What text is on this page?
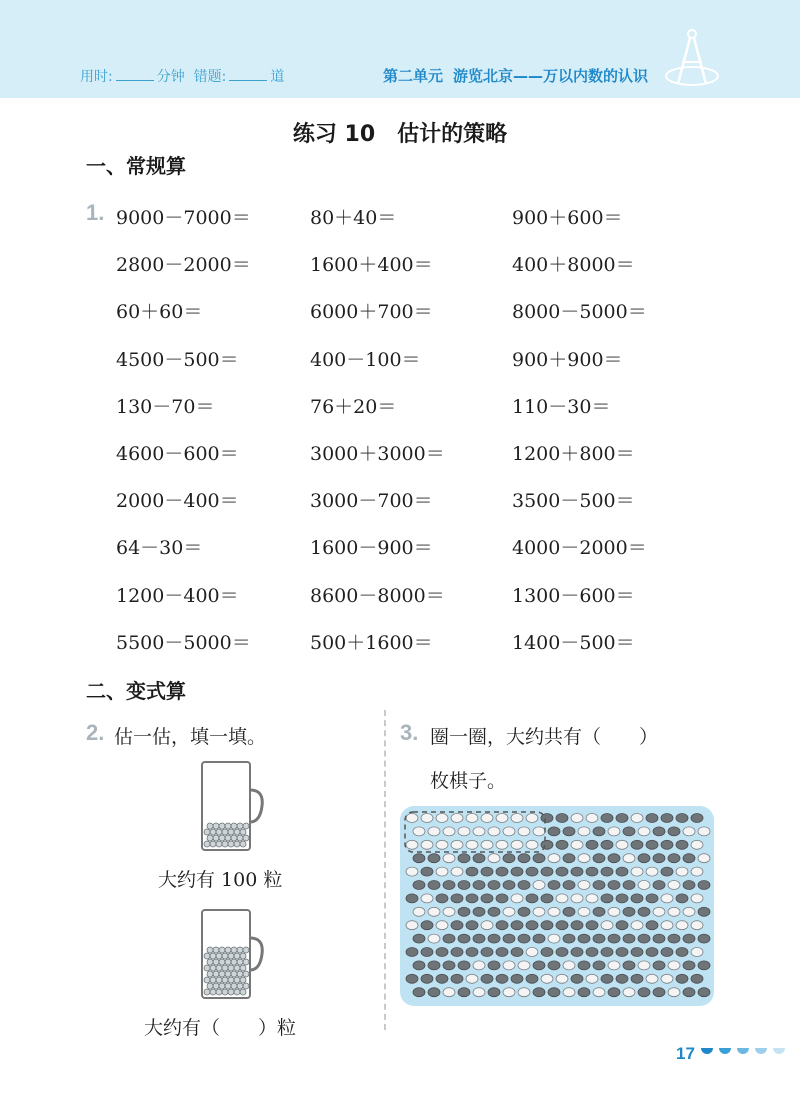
用时:	分钟 错题:	道	第二单元 游览北京——万以内数的认识
练习 10　估计的策略
一、常规算
1. 9000－7000＝	80＋40＝	900＋600＝
2800－2000＝	1600＋400＝	400＋8000＝
60＋60＝	6000＋700＝	8000－5000＝
4500－500＝	400－100＝	900＋900＝
130－70＝	76＋20＝	110－30＝
4600－600＝	3000＋3000＝	1200＋800＝
2000－400＝	3000－700＝	3500－500＝
64－30＝	1600－900＝	4000－2000＝
1200－400＝	8600－8000＝	1300－600＝
5500－5000＝	500＋1600＝	1400－500＝
二、变式算
2. 估一估，填一填。
大约有 100 粒
大约有（　　）粒
3. 圈一圈，大约共有（　　）
枚棋子。
17
